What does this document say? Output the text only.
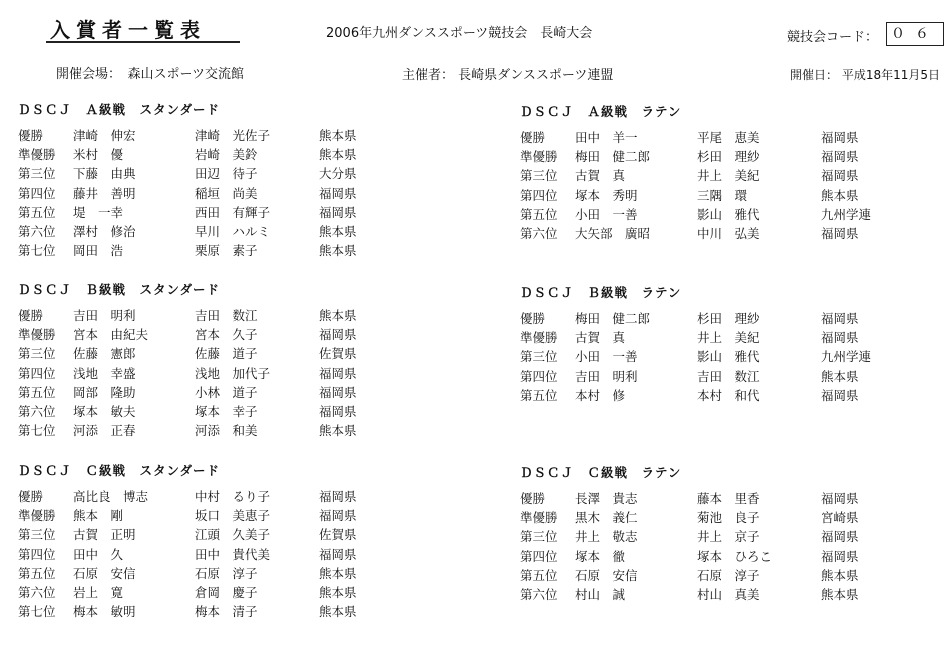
入賞者一覧表	2006年九州ダンススポーツ競技会　長崎大会	競技会コード： ０６
開催会場：　森山スポーツ交流館	主催者： 長崎県ダンススポーツ連盟	開催日： 平成18年11月5日
ＤＳＣＪ　Ａ級戦　スタンダード
優勝 津崎　伸宏	津崎　光佐子	熊本県
準優勝 米村　優	岩崎　美鈴	熊本県
第三位 下藤　由典	田辺　待子	大分県
第四位 藤井　善明	稲垣　尚美	福岡県
第五位 堤　一幸	西田　有輝子	福岡県
第六位 澤村　修治	早川　ハルミ	熊本県
第七位 岡田　浩	栗原　素子	熊本県
ＤＳＣＪ　Ａ級戦　ラテン
優勝 田中　羊一	平尾　恵美	福岡県
準優勝 梅田　健二郎	杉田　理紗	福岡県
第三位 古賀　真	井上　美紀	福岡県
第四位 塚本　秀明	三隅　環	熊本県
第五位 小田　一善	影山　雅代	九州学連
第六位 大矢部　廣昭	中川　弘美	福岡県
ＤＳＣＪ　Ｂ級戦　スタンダード
優勝 吉田　明利	吉田　数江	熊本県
準優勝 宮本　由紀夫	宮本　久子	福岡県
第三位 佐藤　憲郎	佐藤　道子	佐賀県
第四位 浅地　幸盛	浅地　加代子	福岡県
第五位 岡部　隆助	小林　道子	福岡県
第六位 塚本　敏夫	塚本　幸子	福岡県
第七位 河添　正春	河添　和美	熊本県
ＤＳＣＪ　Ｂ級戦　ラテン
優勝 梅田　健二郎	杉田　理紗	福岡県
準優勝 古賀　真	井上　美紀	福岡県
第三位 小田　一善	影山　雅代	九州学連
第四位 吉田　明利	吉田　数江	熊本県
第五位 本村　修	本村　和代	福岡県
ＤＳＣＪ　Ｃ級戦　スタンダード
優勝 高比良　博志	中村　るり子	福岡県
準優勝 熊本　剛	坂口　美恵子	福岡県
第三位 古賀　正明	江頭　久美子	佐賀県
第四位 田中　久	田中　貴代美	福岡県
第五位 石原　安信	石原　淳子	熊本県
第六位 岩上　寛	倉岡　慶子	熊本県
第七位 梅本　敏明	梅本　清子	熊本県
ＤＳＣＪ　Ｃ級戦　ラテン
優勝 長澤　貴志	藤本　里香	福岡県
準優勝 黒木　義仁	菊池　良子	宮崎県
第三位 井上　敬志	井上　京子	福岡県
第四位 塚本　徹	塚本　ひろこ	福岡県
第五位 石原　安信	石原　淳子	熊本県
第六位 村山　誠	村山　真美	熊本県
